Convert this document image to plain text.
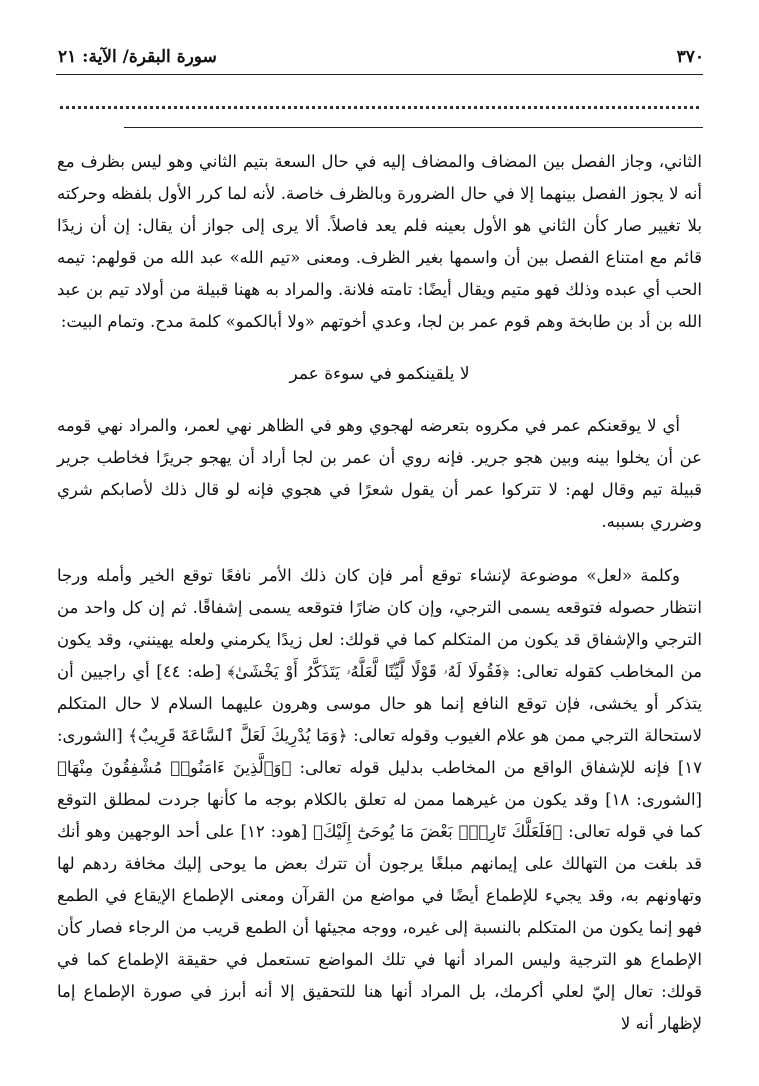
٣٧٠
سورة البقرة/ الآية: ٢١

الثاني، وجاز الفصل بين المضاف والمضاف إليه في حال السعة بتيم الثاني وهو ليس بظرف مع أنه لا يجوز الفصل بينهما إلا في حال الضرورة وبالظرف خاصة. لأنه لما كرر الأول بلفظه وحركته بلا تغيير صار كأن الثاني هو الأول بعينه فلم يعد فاصلاً. ألا يرى إلى جواز أن يقال: إن أن زيدًا قائم مع امتناع الفصل بين أن واسمها بغير الظرف. ومعنى «تيم الله» عبد الله من قولهم: تيمه الحب أي عبده وذلك فهو متيم ويقال أيضًا: تامته فلانة. والمراد به ههنا قبيلة من أولاد تيم بن عبد الله بن أد بن طابخة وهم قوم عمر بن لجا، وعدي أخوتهم «ولا أبالكمو» كلمة مدح. وتمام البيت:

لا يلقينكمو في سوءة عمر

أي لا يوقعنكم عمر في مكروه بتعرضه لهجوي وهو في الظاهر نهي لعمر، والمراد نهي قومه عن أن يخلوا بينه وبين هجو جرير. فإنه روي أن عمر بن لجا أراد أن يهجو جريرًا فخاطب جرير قبيلة تيم وقال لهم: لا تتركوا عمر أن يقول شعرًا في هجوي فإنه لو قال ذلك لأصابكم شري وضرري بسببه.

وكلمة «لعل» موضوعة لإنشاء توقع أمر فإن كان ذلك الأمر نافعًا توقع الخير وأمله ورجا انتظار حصوله فتوقعه يسمى الترجي، وإن كان ضارًا فتوقعه يسمى إشفاقًا. ثم إن كل واحد من الترجي والإشفاق قد يكون من المتكلم كما في قولك: لعل زيدًا يكرمني ولعله يهينني، وقد يكون من المخاطب كقوله تعالى: ﴿فَقُولَا لَهُۥ قَوْلًا لَّيِّنًا لَّعَلَّهُۥ يَتَذَكَّرُ أَوْ يَخْشَىٰ﴾ [طه: ٤٤] أي راجيين أن يتذكر أو يخشى، فإن توقع النافع إنما هو حال موسى وهرون عليهما السلام لا حال المتكلم لاستحالة الترجي ممن هو علام الغيوب وقوله تعالى: ﴿وَمَا يُدْرِيكَ لَعَلَّ ٱلسَّاعَةَ قَرِيبٌ﴾ [الشورى: ١٧] فإنه للإشفاق الواقع من المخاطب بدليل قوله تعالى: ﴿وَٱلَّذِينَ ءَامَنُوا۟ مُشْفِقُونَ مِنْهَا﴾ [الشورى: ١٨] وقد يكون من غيرهما ممن له تعلق بالكلام بوجه ما كأنها جردت لمطلق التوقع كما في قوله تعالى: ﴿فَلَعَلَّكَ تَارِكٌۢ بَعْضَ مَا يُوحَىٰٓ إِلَيْكَ﴾ [هود: ١٢] على أحد الوجهين وهو أنك قد بلغت من التهالك على إيمانهم مبلغًا يرجون أن تترك بعض ما يوحى إليك مخافة ردهم لها وتهاونهم به، وقد يجيء للإطماع أيضًا في مواضع من القرآن ومعنى الإطماع الإيقاع في الطمع فهو إنما يكون من المتكلم بالنسبة إلى غيره، ووجه مجيئها أن الطمع قريب من الرجاء فصار كأن الإطماع هو الترجية وليس المراد أنها في تلك المواضع تستعمل في حقيقة الإطماع كما في قولك: تعال إليّ لعلي أكرمك، بل المراد أنها هنا للتحقيق إلا أنه أبرز في صورة الإطماع إما لإظهار أنه لا
